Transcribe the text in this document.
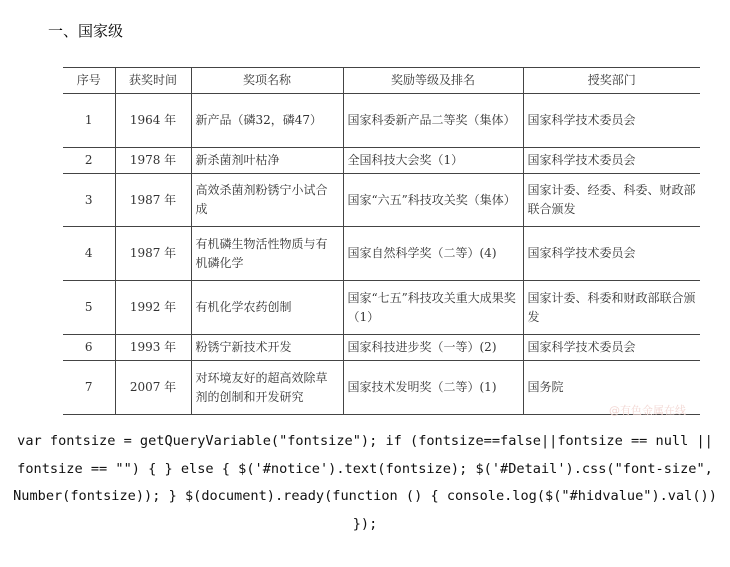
一、国家级
序号	获奖时间	奖项名称	奖励等级及排名	授奖部门
1	1964 年	新产品（磷32，磷47）	国家科委新产品二等奖（集体）	国家科学技术委员会
2	1978 年	新杀菌剂叶枯净	全国科技大会奖（1）	国家科学技术委员会
3	1987 年	高效杀菌剂粉锈宁小试合成	国家“六五”科技攻关奖（集体）	国家计委、经委、科委、财政部联合颁发
4	1987 年	有机磷生物活性物质与有机磷化学	国家自然科学奖（二等）(4)	国家科学技术委员会
5	1992 年	有机化学农药创制	国家“七五”科技攻关重大成果奖（1）	国家计委、科委和财政部联合颁发
6	1993 年	粉锈宁新技术开发	国家科技进步奖（一等）(2)	国家科学技术委员会
7	2007 年	对环境友好的超高效除草剂的创制和开发研究	国家技术发明奖（二等）(1)	国务院
@有色金属在线

var fontsize = getQueryVariable("fontsize"); if (fontsize==false||fontsize == null || fontsize == "") { } else { $('#notice').text(fontsize); $('#Detail').css("font-size", Number(fontsize)); } $(document).ready(function () { console.log($("#hidvalue").val()) });
